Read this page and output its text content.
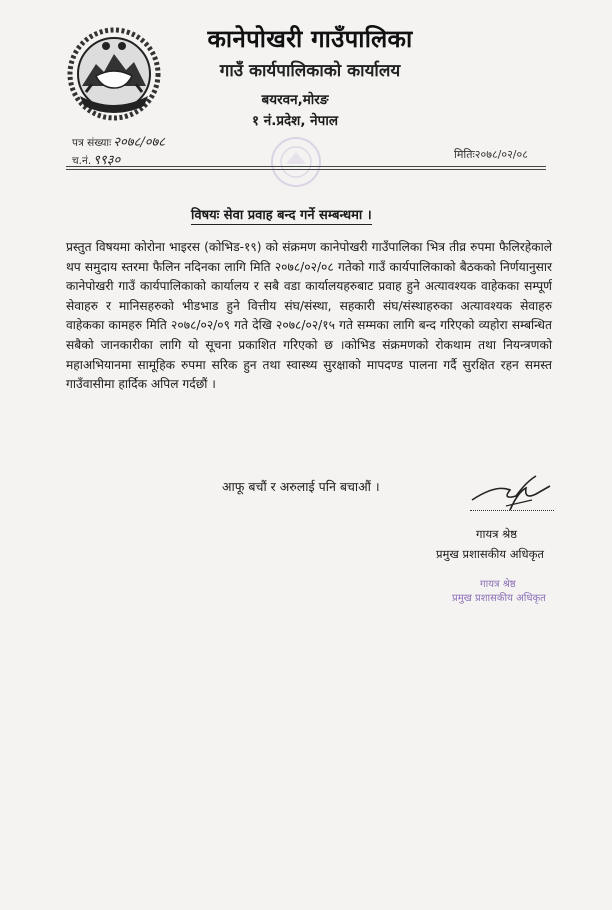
कानेपोखरी गाउँपालिका
गाउँ कार्यपालिकाको कार्यालय
बयरवन,मोरङ
१ नं.प्रदेश, नेपाल
पत्र संख्याः २०७८/०७८
च.नं. ९९३०	मितिः२०७८/०२/०८
विषयः सेवा प्रवाह बन्द गर्ने सम्बन्धमा ।
प्रस्तुत विषयमा कोरोना भाइरस (कोभिड-१९) को संक्रमण कानेपोखरी गाउँपालिका भित्र तीव्र रुपमा फैलिरहेकाले थप समुदाय स्तरमा फैलिन नदिनका लागि मिति २०७८/०२/०८ गतेको गाउँ कार्यपालिकाको बैठकको निर्णयानुसार कानेपोखरी गाउँ कार्यपालिकाको कार्यालय र सबै वडा कार्यालयहरुबाट प्रवाह हुने अत्यावश्यक वाहेकका सम्पूर्ण सेवाहरु र मानिसहरुको भीडभाड हुने वित्तीय संघ/संस्था, सहकारी संघ/संस्थाहरुका अत्यावश्यक सेवाहरु वाहेकका कामहरु मिति २०७८/०२/०९ गते देखि २०७८/०२/१५ गते सम्मका लागि बन्द गरिएको व्यहोरा सम्बन्धित सबैको जानकारीका लागि यो सूचना प्रकाशित गरिएको छ ।कोभिड संक्रमणको रोकथाम तथा नियन्त्रणको महाअभियानमा सामूहिक रुपमा सरिक हुन तथा स्वास्थ्य सुरक्षाको मापदण्ड पालना गर्दै सुरक्षित रहन समस्त गाउँवासीमा हार्दिक अपिल गर्दछौं ।
आफू बचौं र अरुलाई पनि बचाऔं ।
गायत्र श्रेष्ठ
प्रमुख प्रशासकीय अधिकृत
गायत्र श्रेष्ठ
प्रमुख प्रशासकीय अधिकृत
